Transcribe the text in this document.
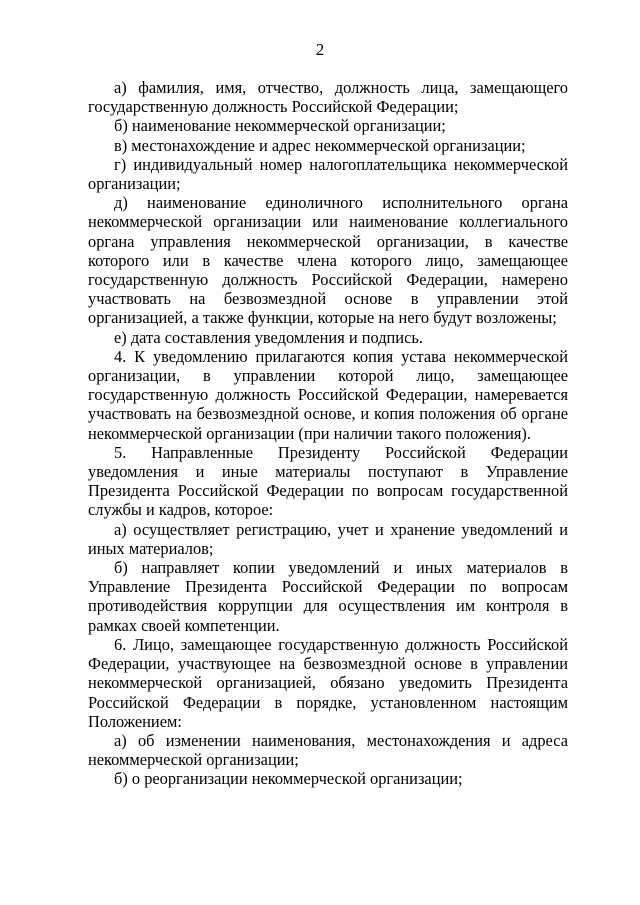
2

а) фамилия, имя, отчество, должность лица, замещающего государственную должность Российской Федерации;

б) наименование некоммерческой организации;

в) местонахождение и адрес некоммерческой организации;

г) индивидуальный номер налогоплательщика некоммерческой организации;

д) наименование единоличного исполнительного органа некоммерческой организации или наименование коллегиального органа управления некоммерческой организации, в качестве которого или в качестве члена которого лицо, замещающее государственную должность Российской Федерации, намерено участвовать на безвозмездной основе в управлении этой организацией, а также функции, которые на него будут возложены;

е) дата составления уведомления и подпись.

4. К уведомлению прилагаются копия устава некоммерческой организации, в управлении которой лицо, замещающее государственную должность Российской Федерации, намеревается участвовать на безвозмездной основе, и копия положения об органе некоммерческой организации (при наличии такого положения).

5. Направленные Президенту Российской Федерации уведомления и иные материалы поступают в Управление Президента Российской Федерации по вопросам государственной службы и кадров, которое:

а) осуществляет регистрацию, учет и хранение уведомлений и иных материалов;

б) направляет копии уведомлений и иных материалов в Управление Президента Российской Федерации по вопросам противодействия коррупции для осуществления им контроля в рамках своей компетенции.

6. Лицо, замещающее государственную должность Российской Федерации, участвующее на безвозмездной основе в управлении некоммерческой организацией, обязано уведомить Президента Российской Федерации в порядке, установленном настоящим Положением:

а) об изменении наименования, местонахождения и адреса некоммерческой организации;

б) о реорганизации некоммерческой организации;
